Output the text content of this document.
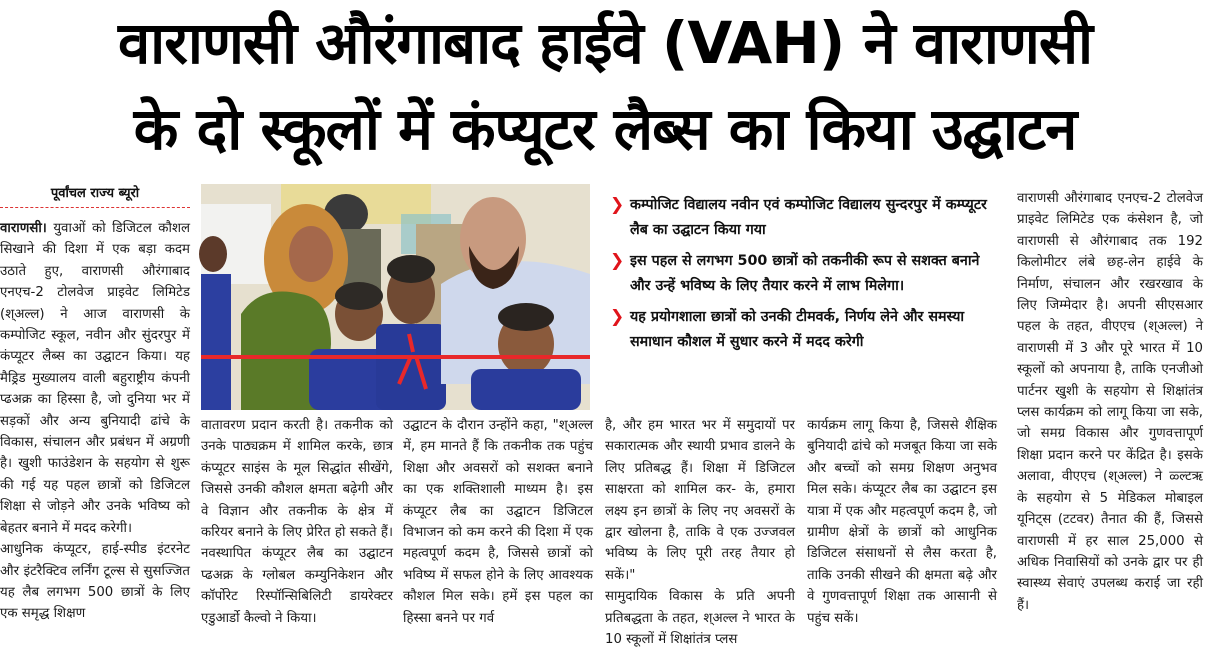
वाराणसी औरंगाबाद हाईवे (VAH) ने वाराणसी
के दो स्कूलों में कंप्यूटर लैब्स का किया उद्घाटन
पूर्वांचल राज्य ब्यूरो

वाराणसी। युवाओं को डिजिटल कौशल सिखाने की दिशा में एक बड़ा कदम उठाते हुए, वाराणसी औरंगाबाद एनएच-2 टोलवेज प्राइवेट लिमिटेड (श्अल्ल) ने आज वाराणसी के कम्पोजिट स्कूल, नवीन और सुंदरपुर में कंप्यूटर लैब्स का उद्घाटन किया। यह मैड्रिड मुख्यालय वाली बहुराष्ट्रीय कंपनी प्ढअक्र का हिस्सा है, जो दुनिया भर में सड़कों और अन्य बुनियादी ढांचे के विकास, संचालन और प्रबंधन में अग्रणी है। खुशी फाउंडेशन के सहयोग से शुरू की गई यह पहल छात्रों को डिजिटल शिक्षा से जोड़ने और उनके भविष्य को बेहतर बनाने में मदद करेगी।

आधुनिक कंप्यूटर, हाई-स्पीड इंटरनेट और इंटरैक्टिव लर्निंग टूल्स से सुसज्जित यह लैब लगभग 500 छात्रों के लिए एक समृद्ध शिक्षण

❯ कम्पोजिट विद्यालय नवीन एवं कम्पोजिट विद्यालय सुन्दरपुर में कम्प्यूटर लैब का उद्घाटन किया गया
❯ इस पहल से लगभग 500 छात्रों को तकनीकी रूप से सशक्त बनाने और उन्हें भविष्य के लिए तैयार करने में लाभ मिलेगा।
❯ यह प्रयोगशाला छात्रों को उनकी टीमवर्क, निर्णय लेने और समस्या समाधान कौशल में सुधार करने में मदद करेगी
वातावरण प्रदान करती है। तकनीक को उनके पाठ्यक्रम में शामिल करके, छात्र कंप्यूटर साइंस के मूल सिद्धांत सीखेंगे, जिससे उनकी कौशल क्षमता बढ़ेगी और वे विज्ञान और तकनीक के क्षेत्र में करियर बनाने के लिए प्रेरित हो सकते हैं। नवस्थापित कंप्यूटर लैब का उद्घाटन प्ढअक्र के ग्लोबल कम्युनिकेशन और कॉर्पोरेट रिस्पॉन्सिबिलिटी डायरेक्टर एडुआर्डो कैल्वो ने किया।
उद्घाटन के दौरान उन्होंने कहा, "श्अल्ल में, हम मानते हैं कि तकनीक तक पहुंच शिक्षा और अवसरों को सशक्त बनाने का एक शक्तिशाली माध्यम है। इस कंप्यूटर लैब का उद्घाटन डिजिटल विभाजन को कम करने की दिशा में एक महत्वपूर्ण कदम है, जिससे छात्रों को भविष्य में सफल होने के लिए आवश्यक कौशल मिल सके। हमें इस पहल का हिस्सा बनने पर गर्व

है, और हम भारत भर में समुदायों पर सकारात्मक और स्थायी प्रभाव डालने के लिए प्रतिबद्ध हैं। शिक्षा में डिजिटल साक्षरता को शामिल कर- के, हमारा लक्ष्य इन छात्रों के लिए नए अवसरों के द्वार खोलना है, ताकि वे एक उज्जवल भविष्य के लिए पूरी तरह तैयार हो सकें।"

सामुदायिक विकास के प्रति अपनी प्रतिबद्धता के तहत, श्अल्ल ने भारत के 10 स्कूलों में शिक्षांतंत्र प्लस

कार्यक्रम लागू किया है, जिससे शैक्षिक बुनियादी ढांचे को मजबूत किया जा सके और बच्चों को समग्र शिक्षण अनुभव मिल सके। कंप्यूटर लैब का उद्घाटन इस यात्रा में एक और महत्वपूर्ण कदम है, जो ग्रामीण क्षेत्रों के छात्रों को आधुनिक डिजिटल संसाधनों से लैस करता है, ताकि उनकी सीखने की क्षमता बढ़े और वे गुणवत्तापूर्ण शिक्षा तक आसानी से पहुंच सकें।
वाराणसी औरंगाबाद एनएच-2 टोलवेज प्राइवेट लिमिटेड एक कंसेशन है, जो वाराणसी से औरंगाबाद तक 192 किलोमीटर लंबे छह-लेन हाईवे के निर्माण, संचालन और रखरखाव के लिए जिम्मेदार है। अपनी सीएसआर पहल के तहत, वीएएच (श्अल्ल) ने वाराणसी में 3 और पूरे भारत में 10 स्कूलों को अपनाया है, ताकि एनजीओ पार्टनर खुशी के सहयोग से शिक्षांतंत्र प्लस कार्यक्रम को लागू किया जा सके, जो समग्र विकास और गुणवत्तापूर्ण शिक्षा प्रदान करने पर केंद्रित है। इसके अलावा, वीएएच (श्अल्ल) ने ळ्ल्टऋ के सहयोग से 5 मेडिकल मोबाइल यूनिट्स (टटवर) तैनात की हैं, जिससे वाराणसी में हर साल 25,000 से अधिक निवासियों को उनके द्वार पर ही स्वास्थ्य सेवाएं उपलब्ध कराई जा रही हैं।
